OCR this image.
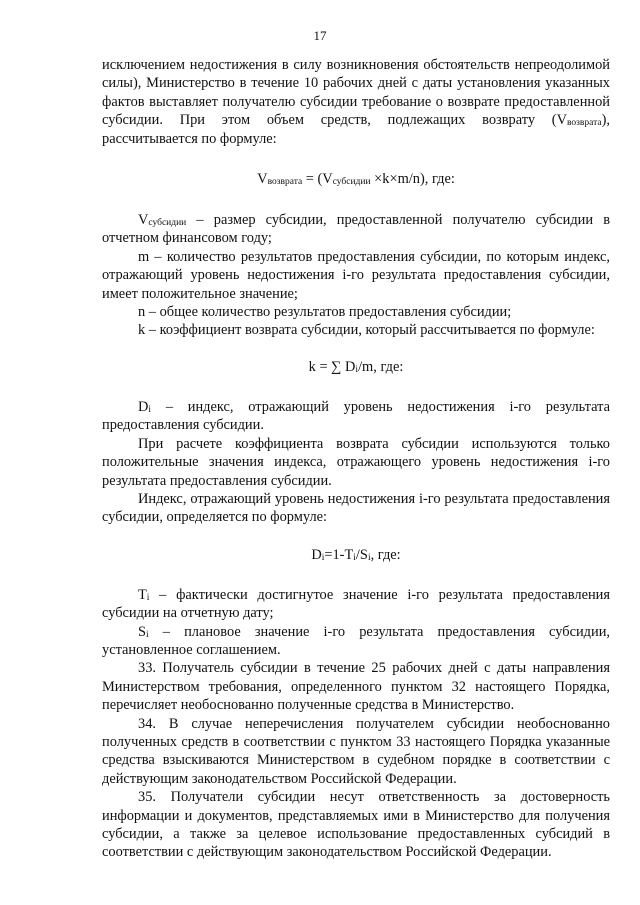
17

исключением недостижения в силу возникновения обстоятельств непреодолимой силы), Министерство в течение 10 рабочих дней с даты установления указанных фактов выставляет получателю субсидии требование о возврате предоставленной субсидии. При этом объем средств, подлежащих возврату $(V_{возврата})$, рассчитывается по формуле:

$V_{возврата} = (V_{субсидии} \times k\times m/n)$, где:

$V_{субсидии}$ – размер субсидии, предоставленной получателю субсидии в отчетном финансовом году;

m – количество результатов предоставления субсидии, по которым индекс, отражающий уровень недостижения i-го результата предоставления субсидии, имеет положительное значение;

n – общее количество результатов предоставления субсидии;

k – коэффициент возврата субсидии, который рассчитывается по формуле:

k = ∑ $D_i/m$, где:

$D_i$ – индекс, отражающий уровень недостижения i-го результата предоставления субсидии.

При расчете коэффициента возврата субсидии используются только положительные значения индекса, отражающего уровень недостижения i-го результата предоставления субсидии.

Индекс, отражающий уровень недостижения i-го результата предоставления субсидии, определяется по формуле:

$D_i=1-T_i/S_i$, где:

$T_i$ – фактически достигнутое значение i-го результата предоставления субсидии на отчетную дату;

$S_i$ – плановое значение i-го результата предоставления субсидии, установленное соглашением.

33. Получатель субсидии в течение 25 рабочих дней с даты направления Министерством требования, определенного пунктом 32 настоящего Порядка, перечисляет необоснованно полученные средства в Министерство.

34. В случае неперечисления получателем субсидии необоснованно полученных средств в соответствии с пунктом 33 настоящего Порядка указанные средства взыскиваются Министерством в судебном порядке в соответствии с действующим законодательством Российской Федерации.

35. Получатели субсидии несут ответственность за достоверность информации и документов, представляемых ими в Министерство для получения субсидии, а также за целевое использование предоставленных субсидий в соответствии с действующим законодательством Российской Федерации.
